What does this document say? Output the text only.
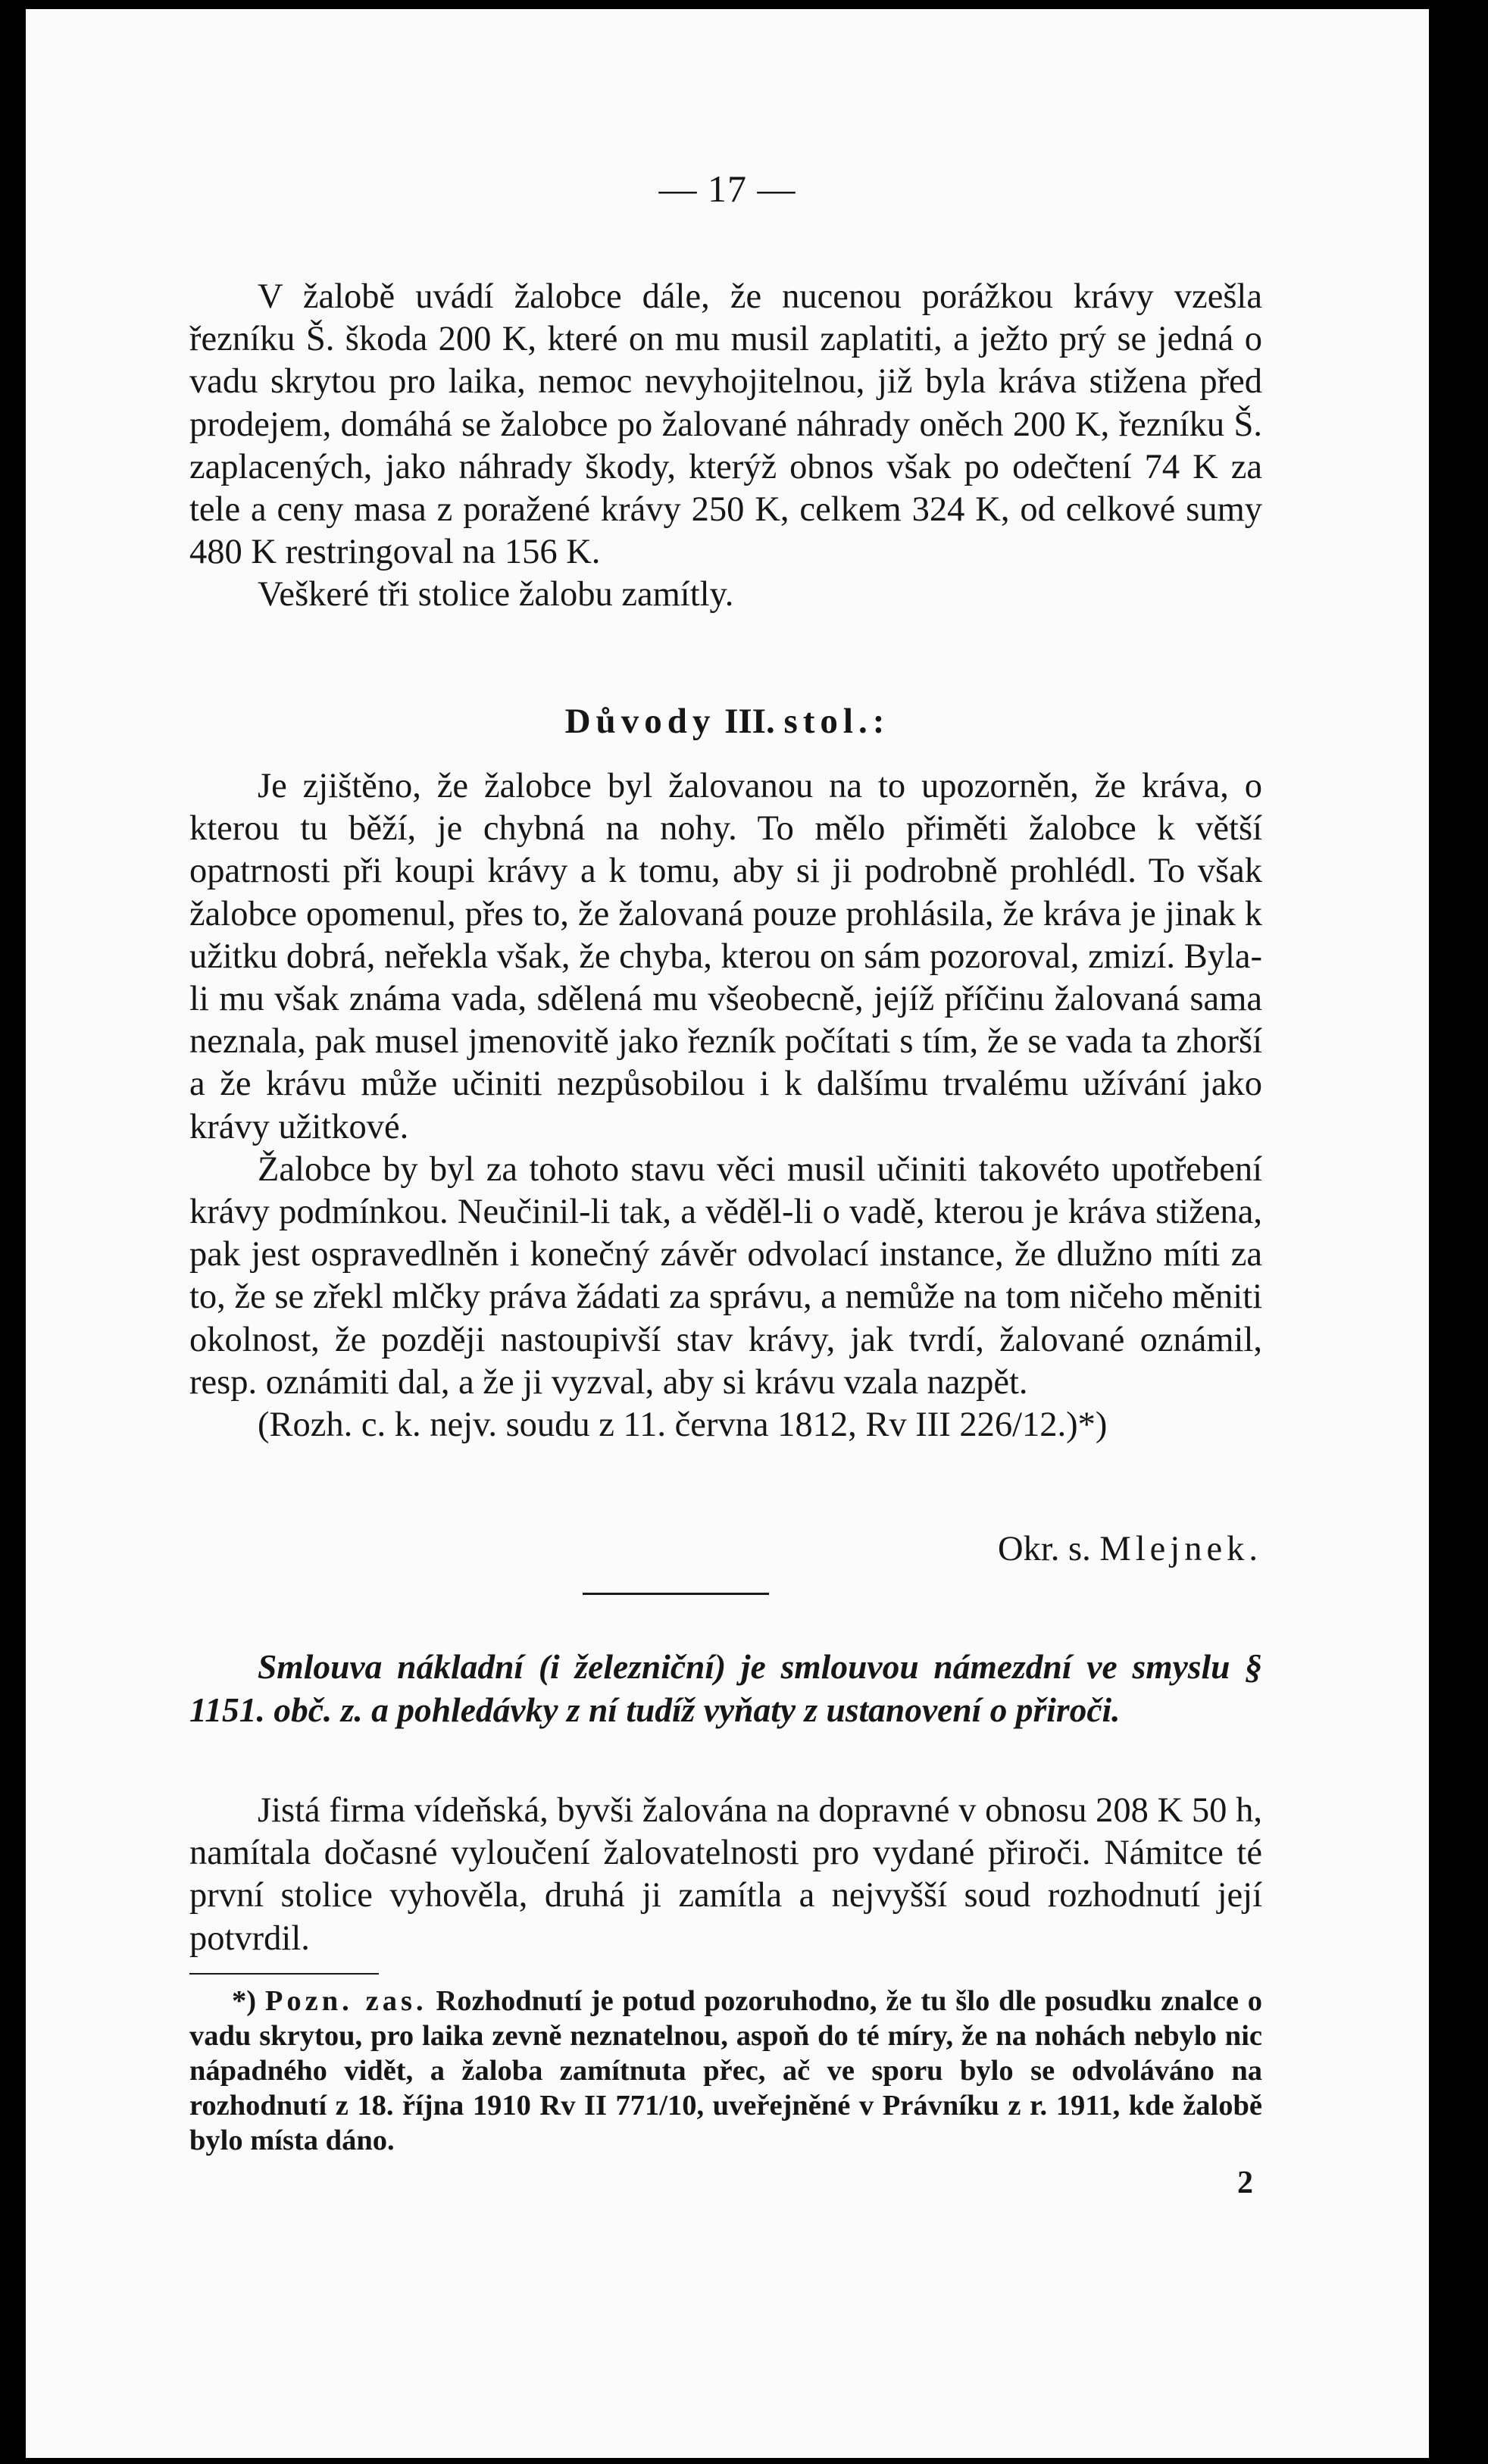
— 17 —

V žalobě uvádí žalobce dále, že nucenou porážkou krávy vzešla řezníku Š. škoda 200 K, které on mu musil zaplatiti, a ježto prý se jedná o vadu skrytou pro laika, nemoc nevyhojitelnou, již byla kráva stižena před prodejem, domáhá se žalobce po žalované náhrady oněch 200 K, řezníku Š. zaplacených, jako náhrady škody, kterýž obnos však po odečtení 74 K za tele a ceny masa z poražené krávy 250 K, celkem 324 K, od celkové sumy 480 K restringoval na 156 K.

Veškeré tři stolice žalobu zamítly.

Důvody III. stol.:

Je zjištěno, že žalobce byl žalovanou na to upozorněn, že kráva, o kterou tu běží, je chybná na nohy. To mělo přiměti žalobce k větší opatrnosti při koupi krávy a k tomu, aby si ji podrobně prohlédl. To však žalobce opomenul, přes to, že žalovaná pouze prohlásila, že kráva je jinak k užitku dobrá, neřekla však, že chyba, kterou on sám pozoroval, zmizí. Byla-li mu však známa vada, sdělená mu všeobecně, jejíž příčinu žalovaná sama neznala, pak musel jmenovitě jako řezník počítati s tím, že se vada ta zhorší a že krávu může učiniti nezpůsobilou i k dalšímu trvalému užívání jako krávy užitkové.

Žalobce by byl za tohoto stavu věci musil učiniti takovéto upotřebení krávy podmínkou. Neučinil-li tak, a věděl-li o vadě, kterou je kráva stižena, pak jest ospravedlněn i konečný závěr odvolací instance, že dlužno míti za to, že se zřekl mlčky práva žádati za správu, a nemůže na tom ničeho měniti okolnost, že později nastoupivší stav krávy, jak tvrdí, žalované oznámil, resp. oznámiti dal, a že ji vyzval, aby si krávu vzala nazpět.

(Rozh. c. k. nejv. soudu z 11. června 1812, Rv III 226/12.)*)

Okr. s. Mlejnek.

Smlouva nákladní (i železniční) je smlouvou námezdní ve smyslu § 1151. obč. z. a pohledávky z ní tudíž vyňaty z ustanovení o přiroči.

Jistá firma vídeňská, byvši žalována na dopravné v obnosu 208 K 50 h, namítala dočasné vyloučení žalovatelnosti pro vydané přiroči. Námitce té první stolice vyhověla, druhá ji zamítla a nejvyšší soud rozhodnutí její potvrdil.

*) Pozn. zas. Rozhodnutí je potud pozoruhodno, že tu šlo dle posudku znalce o vadu skrytou, pro laika zevně neznatelnou, aspoň do té míry, že na nohách nebylo nic nápadného vidět, a žaloba zamítnuta přec, ač ve sporu bylo se odvoláváno na rozhodnutí z 18. října 1910 Rv II 771/10, uveřejněné v Právníku z r. 1911, kde žalobě bylo místa dáno.

2
